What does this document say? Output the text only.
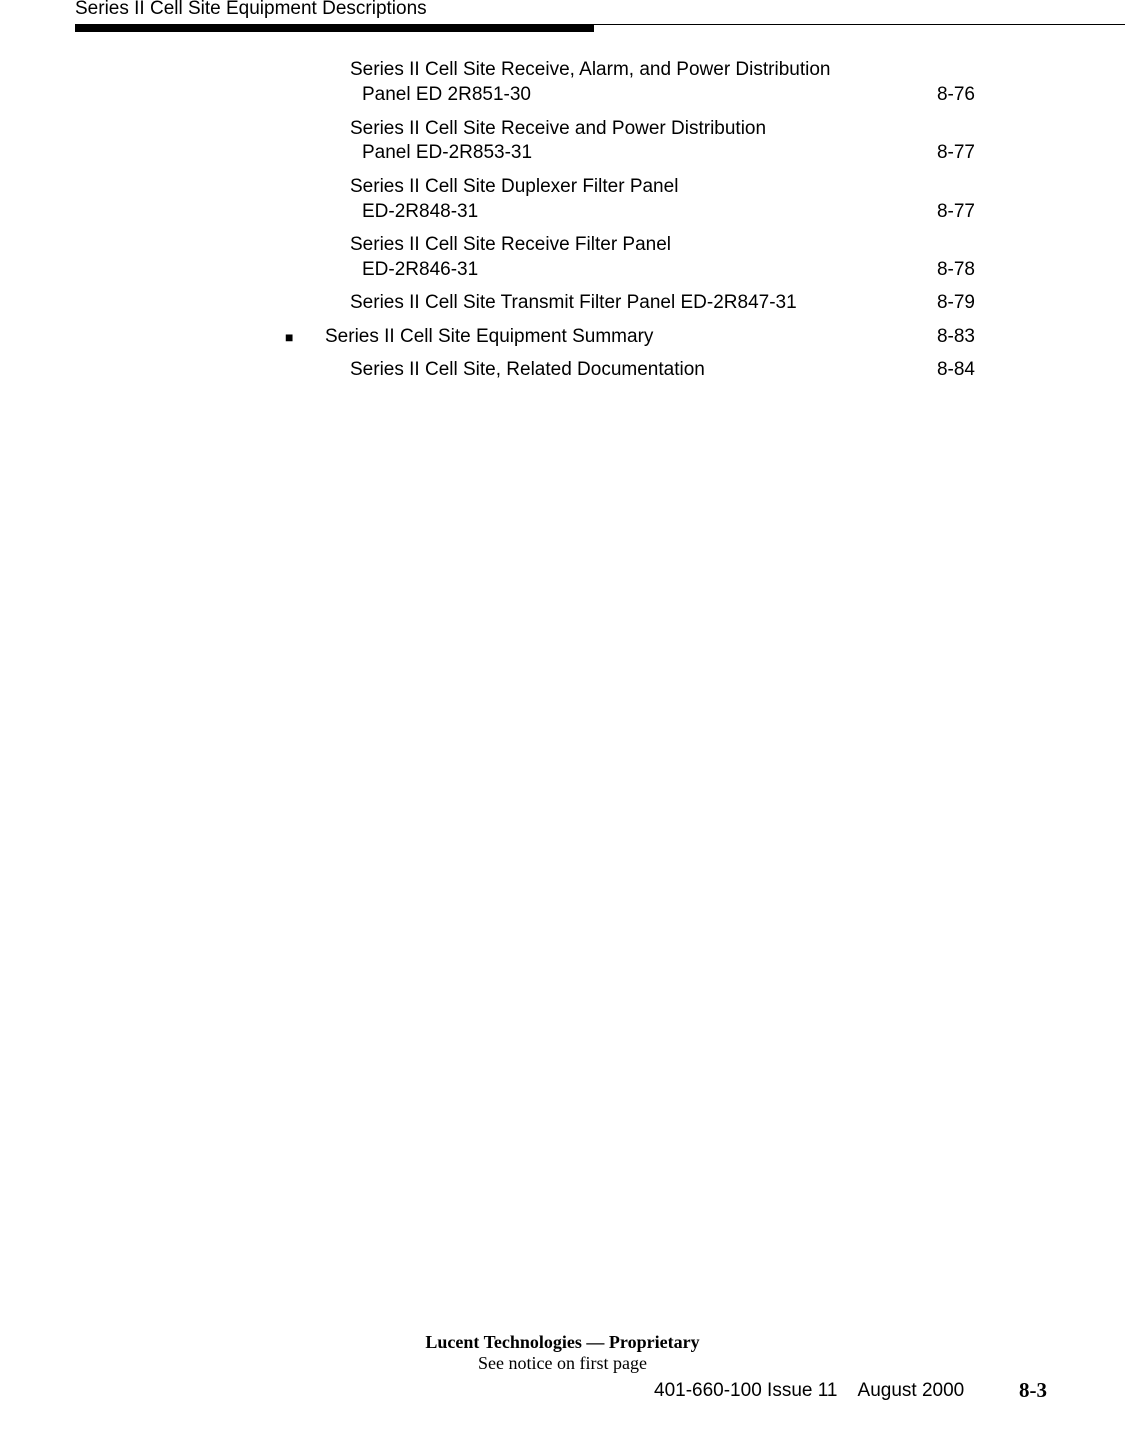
Series II Cell Site Equipment Descriptions
Series II Cell Site Receive, Alarm, and Power Distribution
Panel ED 2R851-30	8-76
Series II Cell Site Receive and Power Distribution
Panel ED-2R853-31	8-77
Series II Cell Site Duplexer Filter Panel
ED-2R848-31	8-77
Series II Cell Site Receive Filter Panel
ED-2R846-31	8-78
Series II Cell Site Transmit Filter Panel ED-2R847-31	8-79
■ Series II Cell Site Equipment Summary	8-83
Series II Cell Site, Related Documentation	8-84
Lucent Technologies — Proprietary
See notice on first page
401-660-100 Issue 11    August 2000	8-3
